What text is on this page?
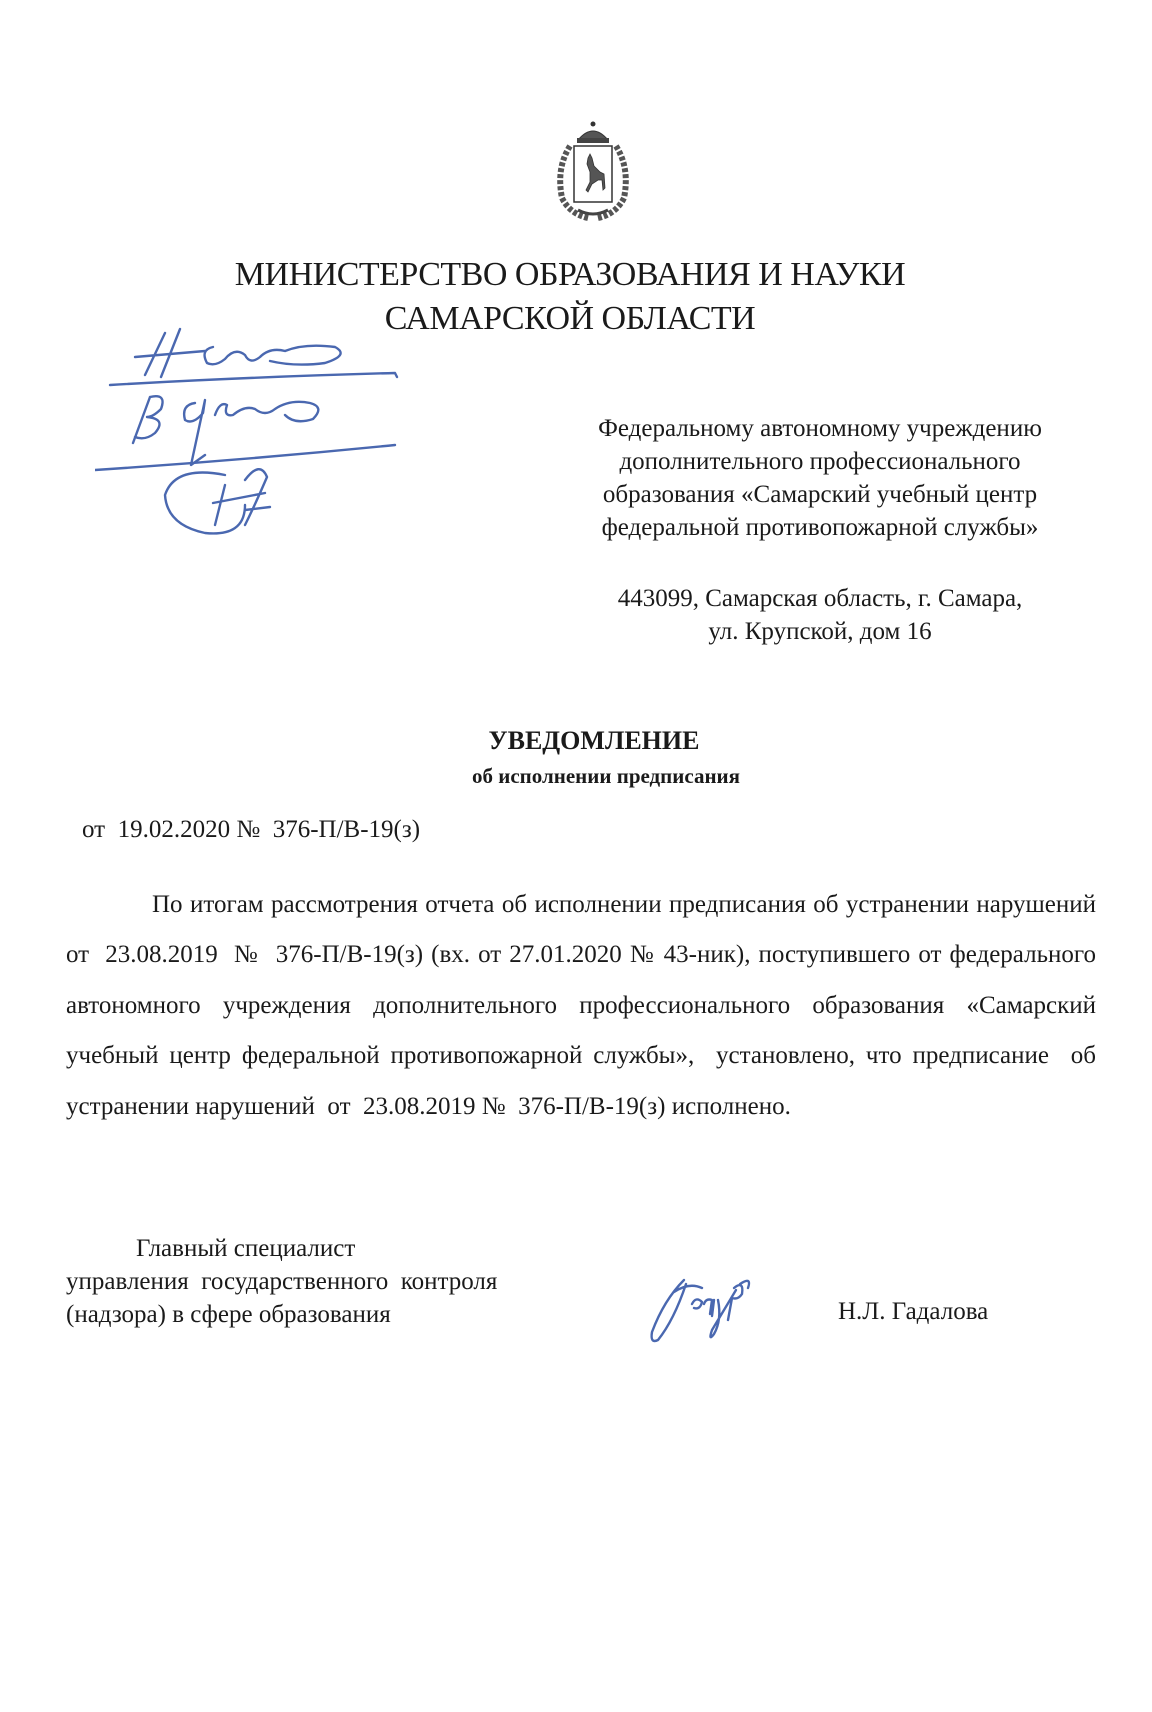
МИНИСТЕРСТВО ОБРАЗОВАНИЯ И НАУКИ
САМАРСКОЙ ОБЛАСТИ
Федеральному автономному учреждению
дополнительного профессионального
образования «Самарский учебный центр
федеральной противопожарной службы»
443099, Самарская область, г. Самара,
ул. Крупской, дом 16
УВЕДОМЛЕНИЕ
об исполнении предписания
от  19.02.2020 №  376-П/В-19(з)
По итогам рассмотрения отчета об исполнении предписания об устранении нарушений от  23.08.2019  №  376-П/В-19(з) (вх. от 27.01.2020 № 43-ник), поступившего от федерального автономного учреждения дополнительного профессионального образования «Самарский учебный центр федеральной противопожарной службы»,  установлено, что предписание  об  устранении нарушений  от  23.08.2019 №  376-П/В-19(з) исполнено.
Главный специалист
управления  государственного  контроля
(надзора) в сфере образования	Н.Л. Гадалова
